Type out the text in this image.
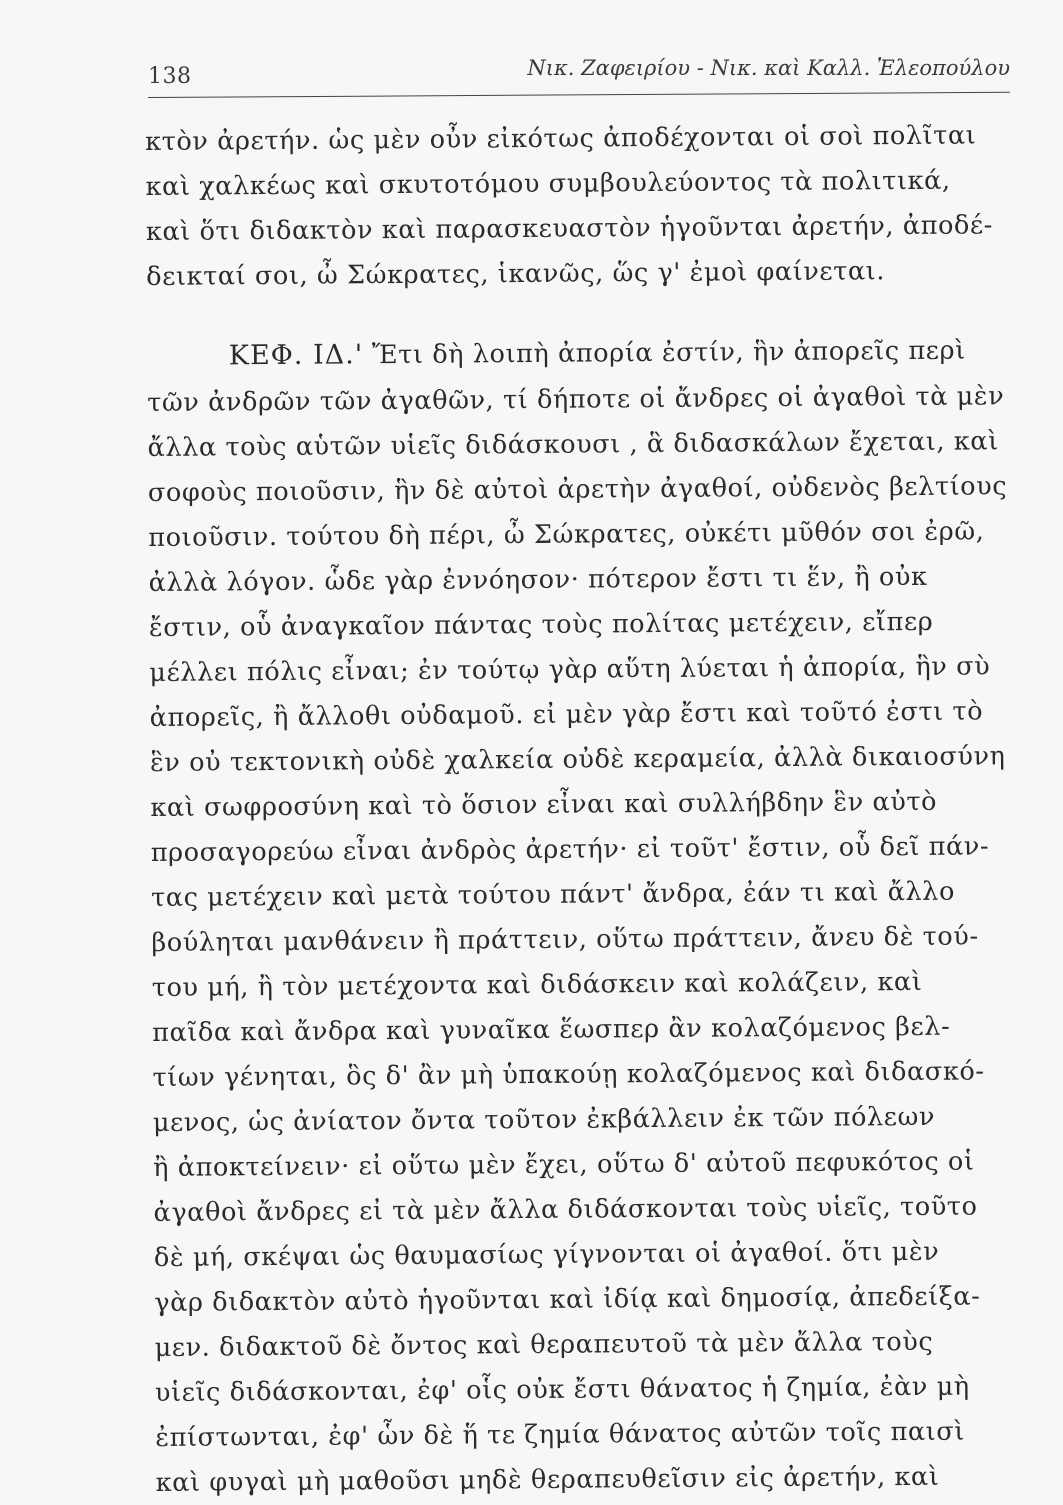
138	Νικ. Ζαφειρίου - Νικ. καὶ Καλλ. Ἐλεοπούλου
κτὸν ἀρετήν. ὡς μὲν οὖν εἰκότως ἀποδέχονται οἱ σοὶ πολῖται
καὶ χαλκέως καὶ σκυτοτόμου συμβουλεύοντος τὰ πολιτικά,
καὶ ὅτι διδακτὸν καὶ παρασκευαστὸν ἡγοῦνται ἀρετήν, ἀποδέ-
δεικταί σοι, ὦ Σώκρατες, ἱκανῶς, ὥς γ' ἐμοὶ φαίνεται.
ΚΕΦ. ΙΔ.' Ἔτι δὴ λοιπὴ ἀπορία ἐστίν, ἣν ἀπορεῖς περὶ
τῶν ἀνδρῶν τῶν ἀγαθῶν, τί δήποτε οἱ ἄνδρες οἱ ἀγαθοὶ τὰ μὲν
ἄλλα τοὺς αὑτῶν υἱεῖς διδάσκουσι , ἃ διδασκάλων ἔχεται, καὶ
σοφοὺς ποιοῦσιν, ἣν δὲ αὐτοὶ ἀρετὴν ἀγαθοί, οὐδενὸς βελτίους
ποιοῦσιν. τούτου δὴ πέρι, ὦ Σώκρατες, οὐκέτι μῦθόν σοι ἐρῶ,
ἀλλὰ λόγον. ὧδε γὰρ ἐννόησον· πότερον ἔστι τι ἕν, ἢ οὐκ
ἔστιν, οὗ ἀναγκαῖον πάντας τοὺς πολίτας μετέχειν, εἴπερ
μέλλει πόλις εἶναι; ἐν τούτῳ γὰρ αὕτη λύεται ἡ ἀπορία, ἣν σὺ
ἀπορεῖς, ἢ ἄλλοθι οὐδαμοῦ. εἰ μὲν γὰρ ἔστι καὶ τοῦτό ἐστι τὸ
ἓν οὐ τεκτονικὴ οὐδὲ χαλκεία οὐδὲ κεραμεία, ἀλλὰ δικαιοσύνη
καὶ σωφροσύνη καὶ τὸ ὅσιον εἶναι καὶ συλλήβδην ἓν αὐτὸ
προσαγορεύω εἶναι ἀνδρὸς ἀρετήν· εἰ τοῦτ' ἔστιν, οὗ δεῖ πάν-
τας μετέχειν καὶ μετὰ τούτου πάντ' ἄνδρα, ἐάν τι καὶ ἄλλο
βούληται μανθάνειν ἢ πράττειν, οὕτω πράττειν, ἄνευ δὲ τού-
του μή, ἢ τὸν μετέχοντα καὶ διδάσκειν καὶ κολάζειν, καὶ
παῖδα καὶ ἄνδρα καὶ γυναῖκα ἕωσπερ ἂν κολαζόμενος βελ-
τίων γένηται, ὃς δ' ἂν μὴ ὑπακούῃ κολαζόμενος καὶ διδασκό-
μενος, ὡς ἀνίατον ὄντα τοῦτον ἐκβάλλειν ἐκ τῶν πόλεων
ἢ ἀποκτείνειν· εἰ οὕτω μὲν ἔχει, οὕτω δ' αὐτοῦ πεφυκότος οἱ
ἀγαθοὶ ἄνδρες εἰ τὰ μὲν ἄλλα διδάσκονται τοὺς υἱεῖς, τοῦτο
δὲ μή, σκέψαι ὡς θαυμασίως γίγνονται οἱ ἀγαθοί. ὅτι μὲν
γὰρ διδακτὸν αὐτὸ ἡγοῦνται καὶ ἰδίᾳ καὶ δημοσίᾳ, ἀπεδείξα-
μεν. διδακτοῦ δὲ ὄντος καὶ θεραπευτοῦ τὰ μὲν ἄλλα τοὺς
υἱεῖς διδάσκονται, ἐφ' οἷς οὐκ ἔστι θάνατος ἡ ζημία, ἐὰν μὴ
ἐπίστωνται, ἐφ' ὧν δὲ ἥ τε ζημία θάνατος αὐτῶν τοῖς παισὶ
καὶ φυγαὶ μὴ μαθοῦσι μηδὲ θεραπευθεῖσιν εἰς ἀρετήν, καὶ
